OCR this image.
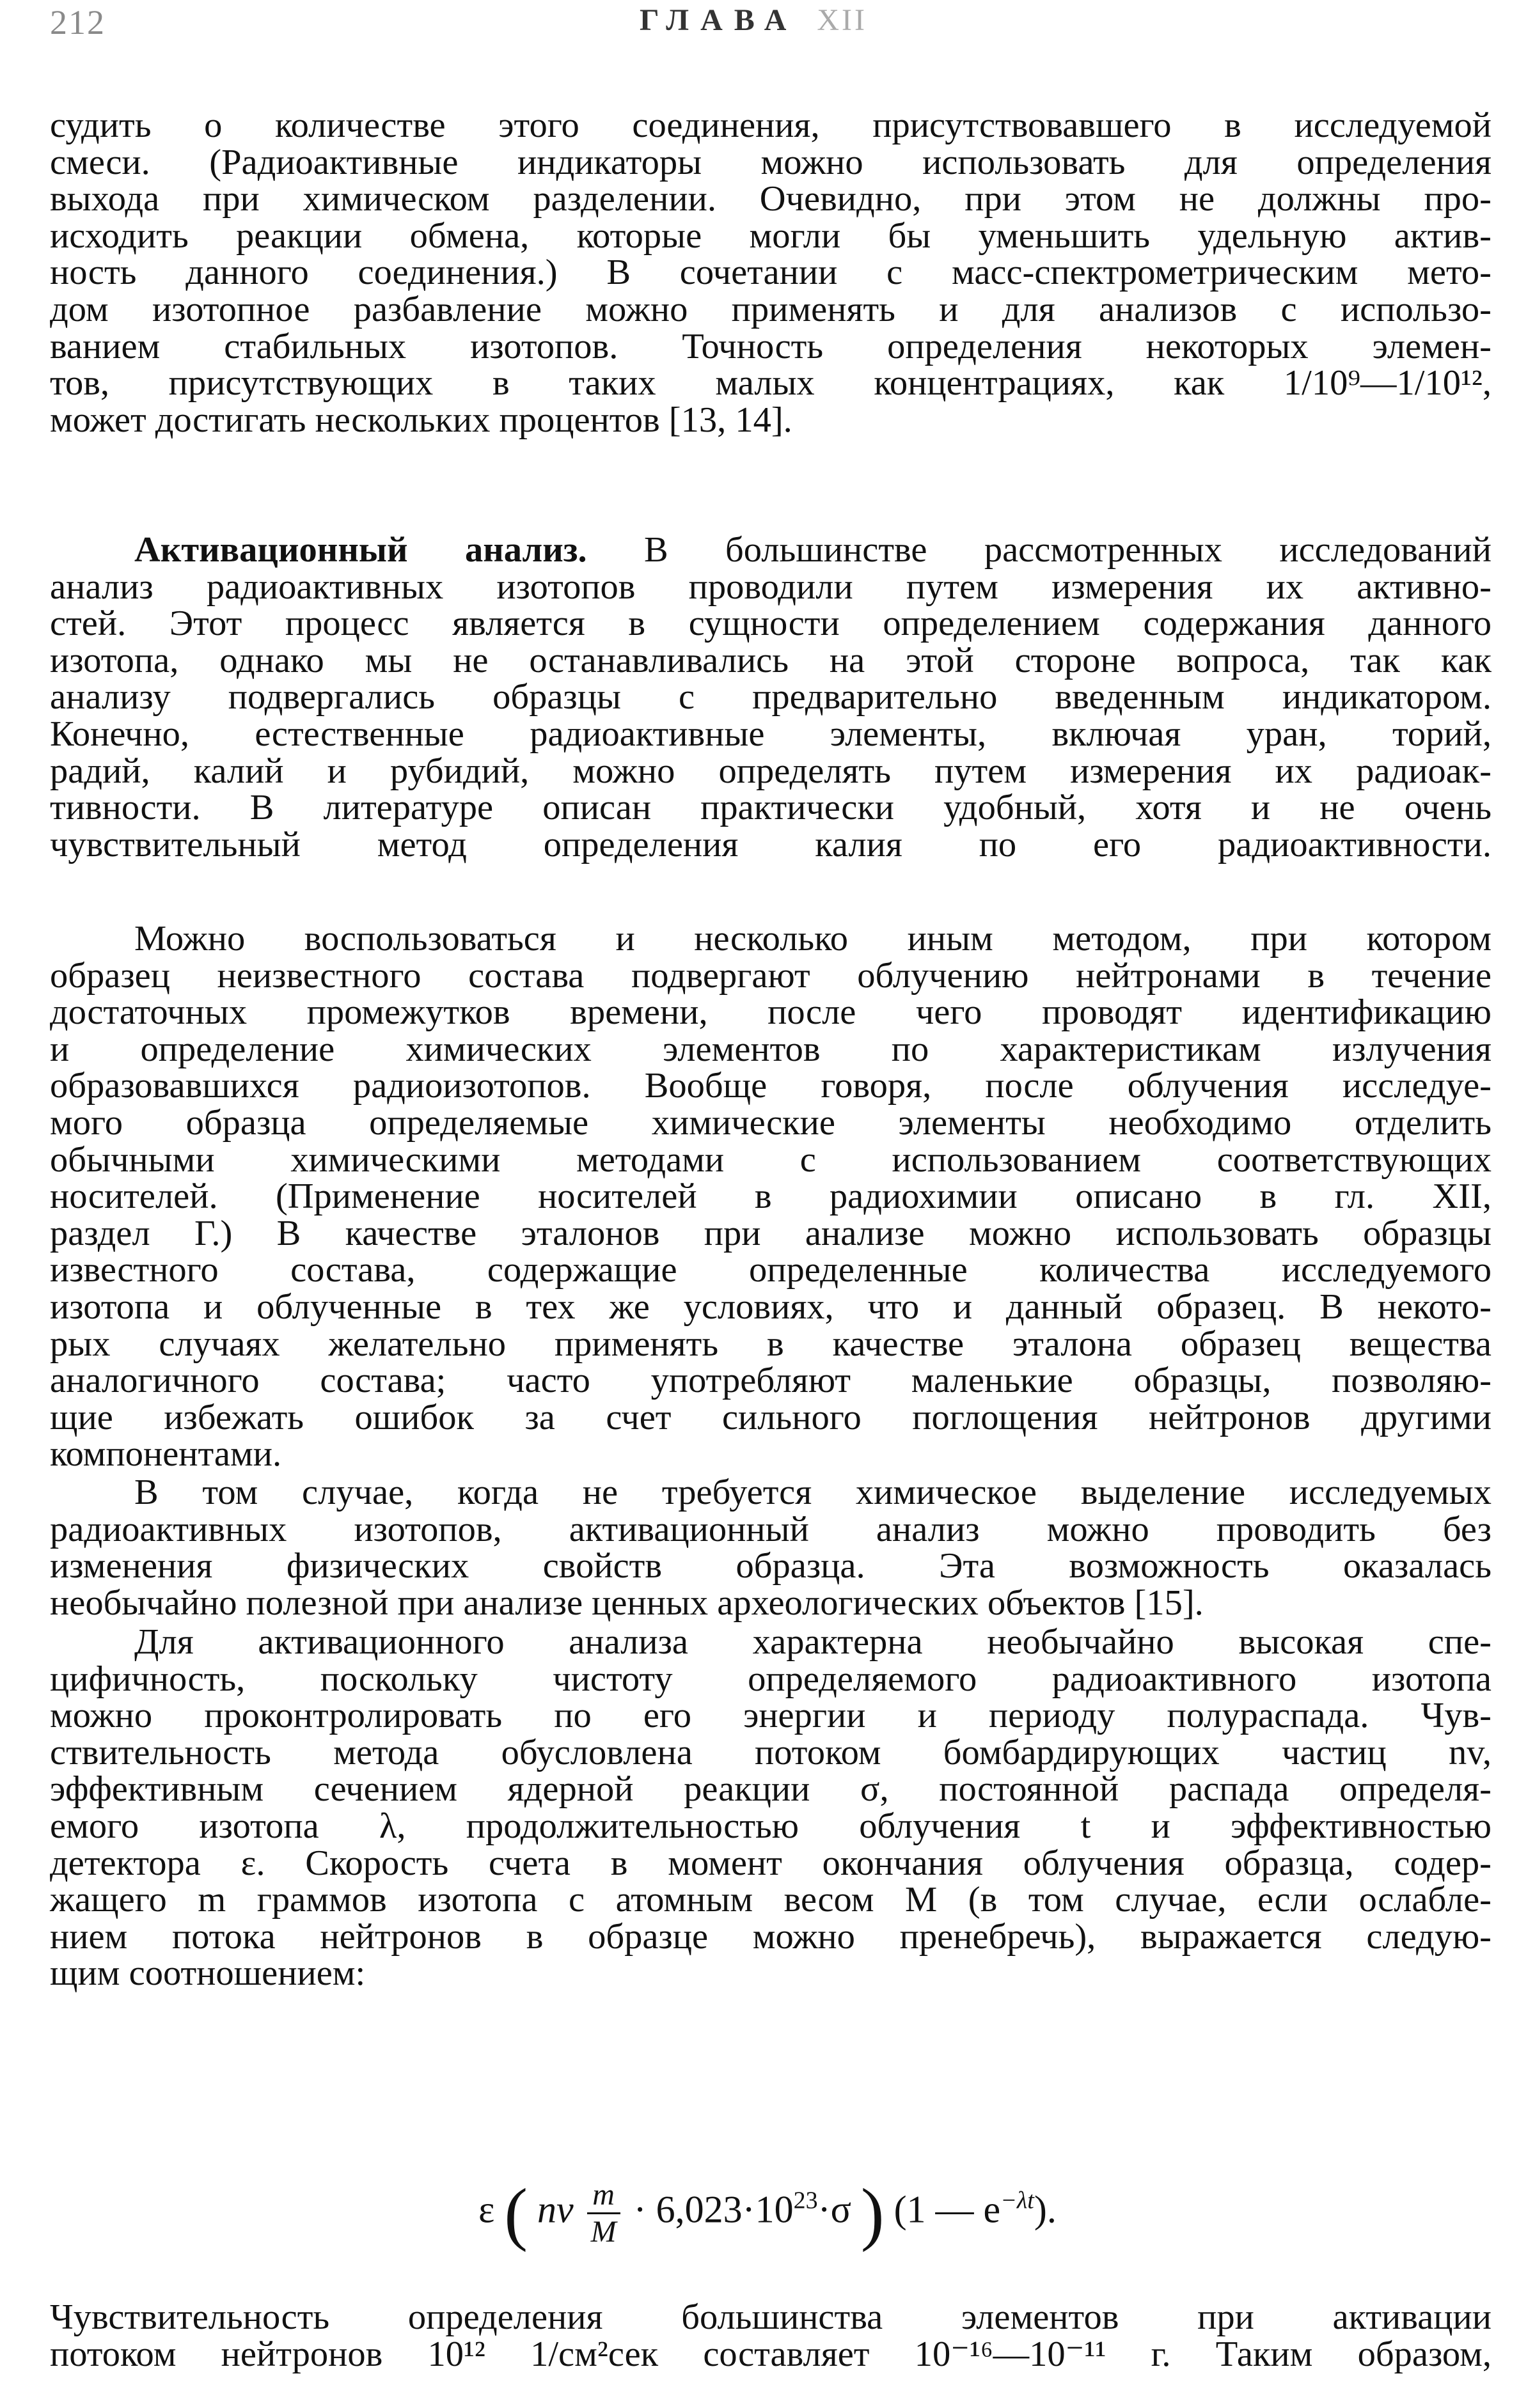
212	ГЛАВА XII
судить о количестве этого соединения, присутствовавшего в исследуемой
смеси. (Радиоактивные индикаторы можно использовать для определения
выхода при химическом разделении. Очевидно, при этом не должны про-
исходить реакции обмена, которые могли бы уменьшить удельную актив-
ность данного соединения.) В сочетании с масс-спектрометрическим мето-
дом изотопное разбавление можно применять и для анализов с использо-
ванием стабильных изотопов. Точность определения некоторых элемен-
тов, присутствующих в таких малых концентрациях, как 1/10⁹—1/10¹²,
может достигать нескольких процентов [13, 14].
Активационный анализ. В большинстве рассмотренных исследований
анализ радиоактивных изотопов проводили путем измерения их активно-
стей. Этот процесс является в сущности определением содержания данного
изотопа, однако мы не останавливались на этой стороне вопроса, так как
анализу подвергались образцы с предварительно введенным индикатором.
Конечно, естественные радиоактивные элементы, включая уран, торий,
радий, калий и рубидий, можно определять путем измерения их радиоак-
тивности. В литературе описан практически удобный, хотя и не очень
чувствительный метод определения калия по его радиоактивности.
Можно воспользоваться и несколько иным методом, при котором
образец неизвестного состава подвергают облучению нейтронами в течение
достаточных промежутков времени, после чего проводят идентификацию
и определение химических элементов по характеристикам излучения
образовавшихся радиоизотопов. Вообще говоря, после облучения исследуе-
мого образца определяемые химические элементы необходимо отделить
обычными химическими методами с использованием соответствующих
носителей. (Применение носителей в радиохимии описано в гл. XII,
раздел Г.) В качестве эталонов при анализе можно использовать образцы
известного состава, содержащие определенные количества исследуемого
изотопа и облученные в тех же условиях, что и данный образец. В некото-
рых случаях желательно применять в качестве эталона образец вещества
аналогичного состава; часто употребляют маленькие образцы, позволяю-
щие избежать ошибок за счет сильного поглощения нейтронов другими
компонентами.
В том случае, когда не требуется химическое выделение исследуемых
радиоактивных изотопов, активационный анализ можно проводить без
изменения физических свойств образца. Эта возможность оказалась
необычайно полезной при анализе ценных археологических объектов [15].
Для активационного анализа характерна необычайно высокая спе-
цифичность, поскольку чистоту определяемого радиоактивного изотопа
можно проконтролировать по его энергии и периоду полураспада. Чув-
ствительность метода обусловлена потоком бомбардирующих частиц nv,
эффективным сечением ядерной реакции σ, постоянной распада определя-
емого изотопа λ, продолжительностью облучения t и эффективностью
детектора ε. Скорость счета в момент окончания облучения образца, содер-
жащего m граммов изотопа с атомным весом M (в том случае, если ослабле-
нием потока нейтронов в образце можно пренебречь), выражается следую-
щим соотношением:
ε ( nv $\frac{m}{M} \cdot 6,023\cdot 10^{23}\cdot\sigma$ ) (1 — $e^{-\lambda t}$).
Чувствительность определения большинства элементов при активации
потоком нейтронов 10¹² 1/см²сек составляет 10⁻¹⁶—10⁻¹¹ г. Таким образом,
